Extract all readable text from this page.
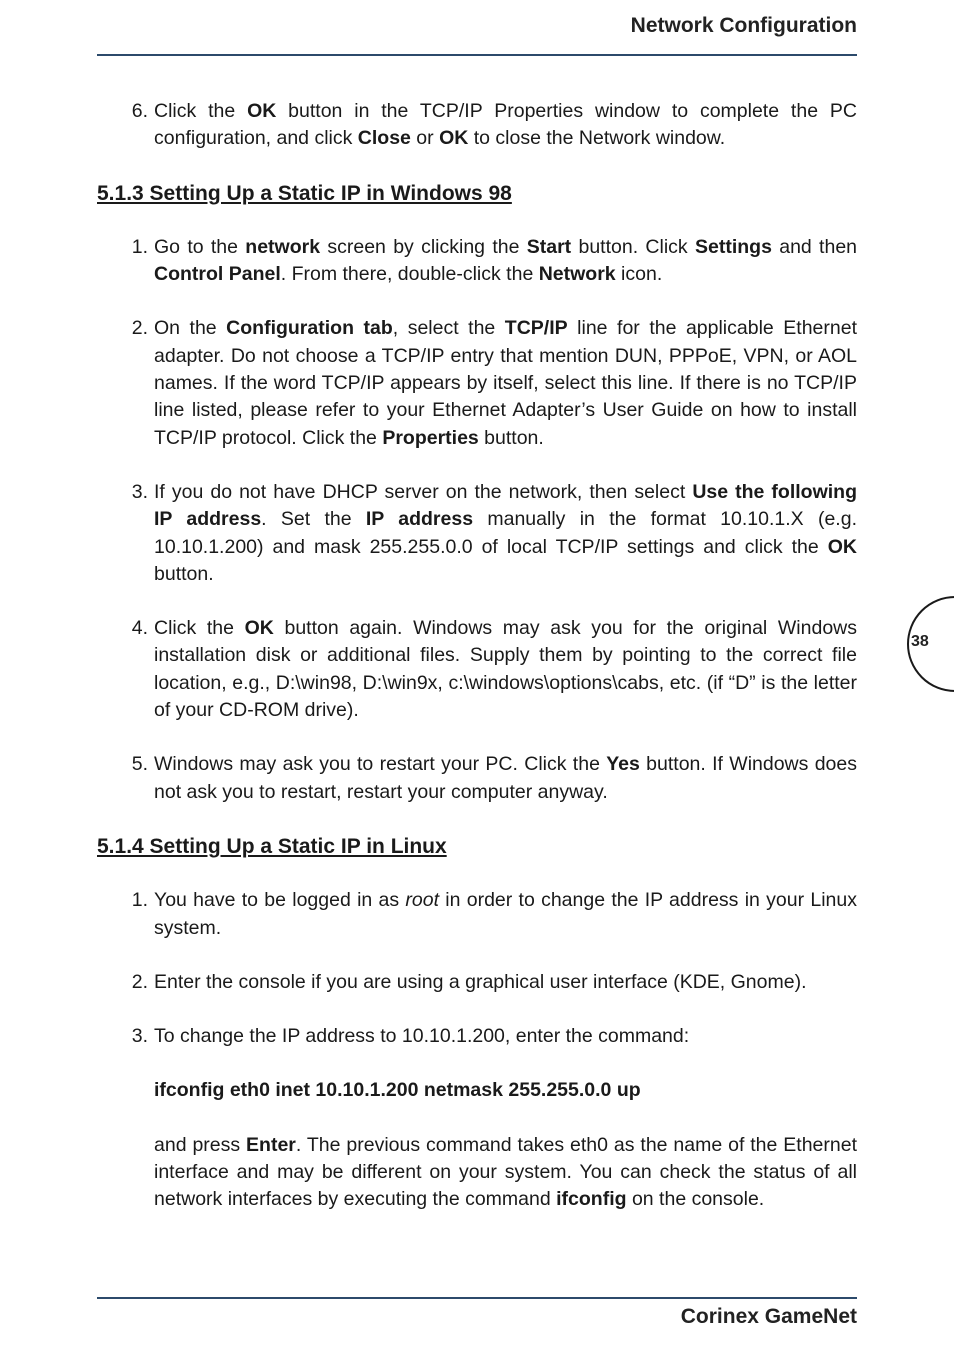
Network Configuration
6. Click the OK button in the TCP/IP Properties window to complete the PC configuration, and click Close or OK to close the Network window.
5.1.3 Setting Up a Static IP in Windows 98
1. Go to the network screen by clicking the Start button. Click Settings and then Control Panel. From there, double-click the Network icon.
2. On the Configuration tab, select the TCP/IP line for the applicable Ethernet adapter. Do not choose a TCP/IP entry that mention DUN, PPPoE, VPN, or AOL names. If the word TCP/IP appears by itself, select this line. If there is no TCP/IP line listed, please refer to your Ethernet Adapter’s User Guide on how to install TCP/IP protocol. Click the Properties button.
3. If you do not have DHCP server on the network, then select Use the following IP address. Set the IP address manually in the format 10.10.1.X (e.g. 10.10.1.200) and mask 255.255.0.0 of local TCP/IP settings and click the OK button.
4. Click the OK button again. Windows may ask you for the original Windows installation disk or additional files. Supply them by pointing to the correct file location, e.g., D:\win98, D:\win9x, c:\windows\options\cabs, etc. (if “D” is the letter of your CD-ROM drive).
5. Windows may ask you to restart your PC. Click the Yes button. If Windows does not ask you to restart, restart your computer anyway.
5.1.4 Setting Up a Static IP in Linux
1. You have to be logged in as root in order to change the IP address in your Linux system.
2. Enter the console if you are using a graphical user interface (KDE, Gnome).
3. To change the IP address to 10.10.1.200, enter the command:
ifconfig eth0 inet 10.10.1.200 netmask 255.255.0.0 up
and press Enter. The previous command takes eth0 as the name of the Ethernet interface and may be different on your system. You can check the status of all network interfaces by executing the command ifconfig on the console.
38
Corinex GameNet
